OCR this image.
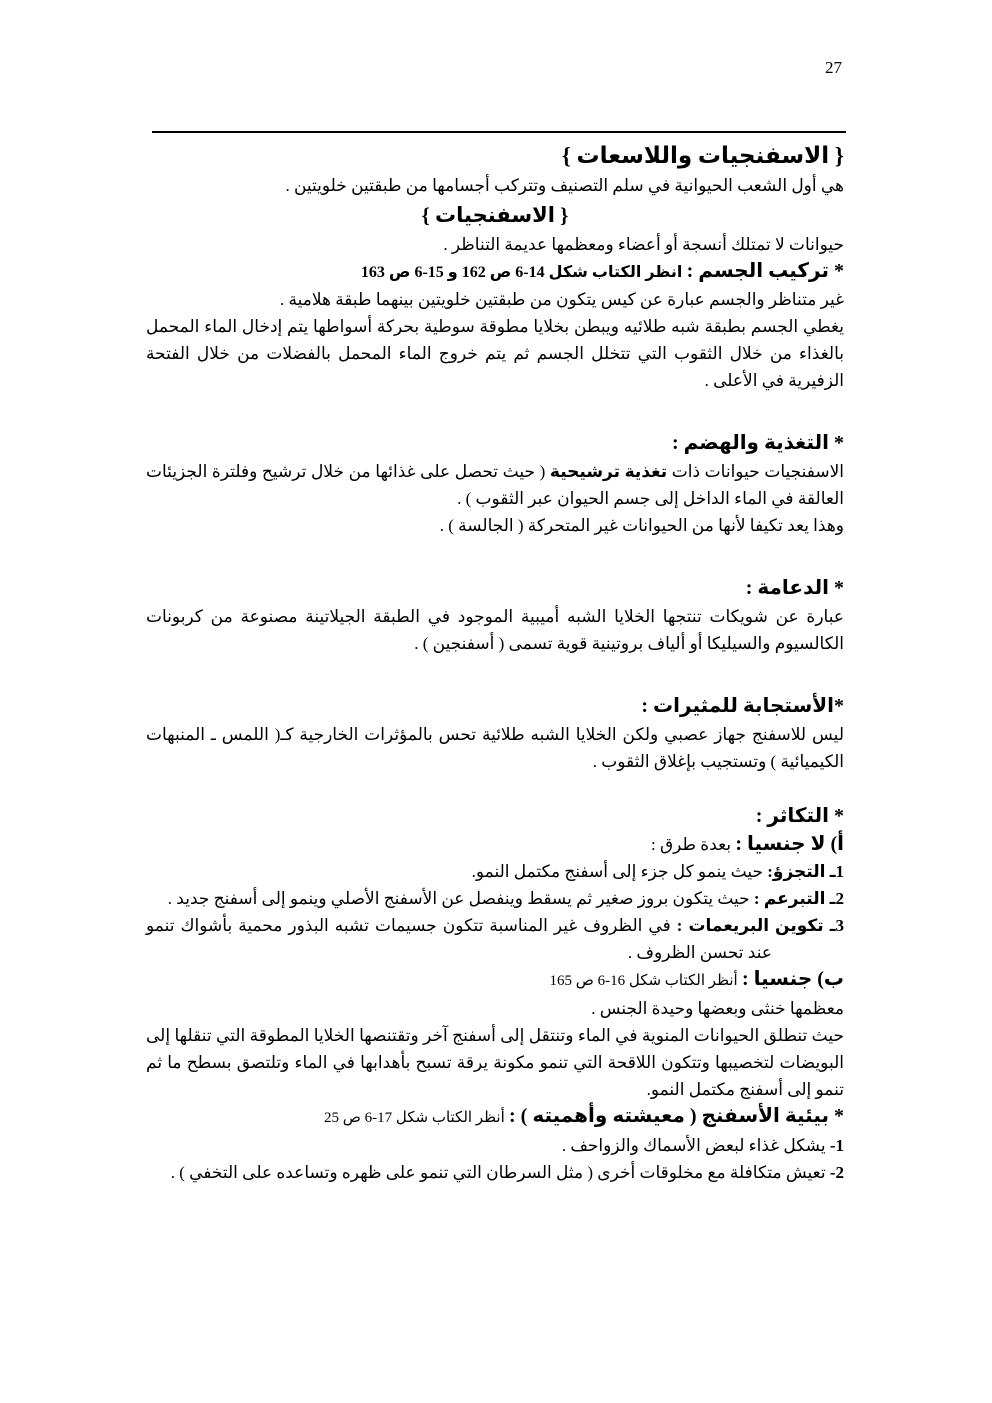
27
{ الاسفنجيات واللاسعات }

هي أول الشعب الحيوانية في سلم التصنيف وتتركب أجسامها من طبقتين خلويتين .

{ الاسفنجيات }

حيوانات لا تمتلك أنسجة أو أعضاء ومعظمها عديمة التناظر .

* تركيب الجسم : انظر الكتاب شكل 14-6 ص 162 و 15-6 ص 163

غير متناظر والجسم عبارة عن كيس يتكون من طبقتين خلويتين بينهما طبقة هلامية .

يغطي الجسم بطبقة شبه طلائيه ويبطن بخلايا مطوقة سوطية بحركة أسواطها يتم إدخال الماء المحمل بالغذاء من خلال الثقوب التي تتخلل الجسم ثم يتم خروج الماء المحمل بالفضلات من خلال الفتحة الزفيرية في الأعلى .

* التغذية والهضم :

الاسفنجيات حيوانات ذات تغذية ترشيحية ( حيث تحصل على غذائها من خلال ترشيح وفلترة الجزيئات العالقة في الماء الداخل إلى جسم الحيوان عبر الثقوب ) .

وهذا يعد تكيفا لأنها من الحيوانات غير المتحركة ( الجالسة ) .

* الدعامة :

عبارة عن شويكات تنتجها الخلايا الشبه أميبية الموجود في الطبقة الجيلاتينة مصنوعة من كربونات الكالسيوم والسيليكا أو ألياف بروتينية قوية تسمى ( أسفنجين ) .

*الأستجابة للمثيرات :

ليس للاسفنج جهاز عصبي ولكن الخلايا الشبه طلائية تحس بالمؤثرات الخارجية كـ( اللمس ـ المنبهات الكيميائية ) وتستجيب بإغلاق الثقوب .

* التكاثر :

أ) لا جنسيا : بعدة طرق :

1ـ التجزؤ: حيث ينمو كل جزء إلى أسفنج مكتمل النمو.

2ـ التبرعم : حيث يتكون بروز صغير ثم يسقط وينفصل عن الأسفنج الأصلي وينمو إلى أسفنج جديد .

3ـ تكوين البريعمات : في الظروف غير المناسبة تتكون جسيمات تشبه البذور محمية بأشواك تنمو عند تحسن الظروف .

ب) جنسيا : أنظر الكتاب شكل 16-6 ص 165

معظمها خنثى وبعضها وحيدة الجنس .

حيث تنطلق الحيوانات المنوية في الماء وتنتقل إلى أسفنج آخر وتقتنصها الخلايا المطوقة التي تنقلها إلى البويضات لتخصيبها وتتكون اللاقحة التي تنمو مكونة يرقة تسبح بأهدابها في الماء وتلتصق بسطح ما ثم تنمو إلى أسفنج مكتمل النمو.

* بيئية الأسفنج ( معيشته وأهميته ) : أنظر الكتاب شكل 17-6 ص 25

1- يشكل غذاء لبعض الأسماك والزواحف .

2- تعيش متكافلة مع مخلوقات أخرى ( مثل السرطان التي تنمو على ظهره وتساعده على التخفي ) .
